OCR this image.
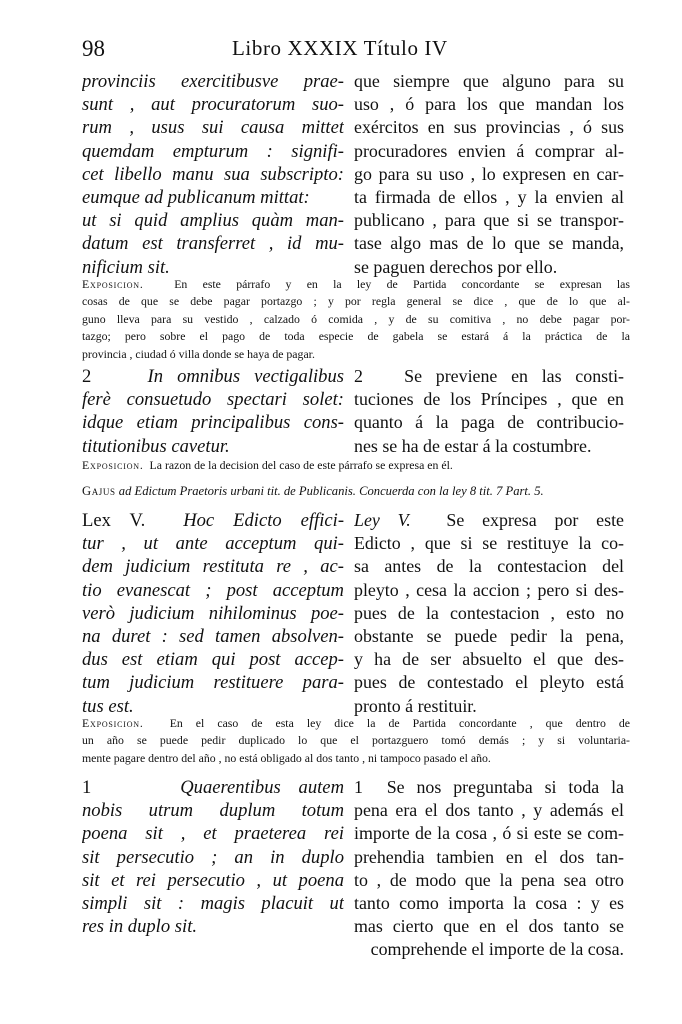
98	Libro XXXIX Título IV
provinciis exercitibusve prae-
sunt , aut procuratorum suo-
rum , usus sui causa mittet
quemdam empturum : signifi-
cet libello manu sua subscripto:
eumque ad publicanum mittat:
ut si quid amplius quàm man-
datum est transferret , id mu-
nificium sit.
que siempre que alguno para su
uso , ó para los que mandan los
exércitos en sus provincias , ó sus
procuradores envien á comprar al-
go para su uso , lo expresen en car-
ta firmada de ellos , y la envien al
publicano , para que si se transpor-
tase algo mas de lo que se manda,
se paguen derechos por ello.
Exposicion.	En este párrafo y en la ley de Partida concordante se expresan las
cosas de que se debe pagar portazgo ; y por regla general se dice , que de lo que al-
guno lleva para su vestido , calzado ó comida , y de su comitiva , no debe pagar por-
tazgo; pero sobre el pago de toda especie de gabela se estará á la práctica de la
provincia , ciudad ó villa donde se haya de pagar.
2	In omnibus vectigalibus
ferè consuetudo spectari solet:
idque etiam principalibus cons-
titutionibus cavetur.
2 Se previene en las consti-
tuciones de los Príncipes , que en
quanto á la paga de contribucio-
nes se ha de estar á la costumbre.
Exposicion. La razon de la decision del caso de este párrafo se expresa en él.
Gajus ad Edictum Praetoris urbani tit. de Publicanis. Concuerda con la ley 8 tit. 7 Part. 5.
Lex V. Hoc Edicto effici-
tur , ut ante acceptum qui-
dem judicium restituta re , ac-
tio evanescat ; post acceptum
verò judicium nihilominus poe-
na duret : sed tamen absolven-
dus est etiam qui post accep-
tum judicium restituere para-
tus est.
Ley V. Se expresa por este
Edicto , que si se restituye la co-
sa antes de la contestacion del
pleyto , cesa la accion ; pero si des-
pues de la contestacion , esto no
obstante se puede pedir la pena,
y ha de ser absuelto el que des-
pues de contestado el pleyto está
pronto á restituir.
Exposicion. En el caso de esta ley dice la de Partida concordante , que dentro de
un año se puede pedir duplicado lo que el portazguero tomó demás ; y si voluntaria-
mente pagare dentro del año , no está obligado al dos tanto , ni tampoco pasado el año.
1	Quaerentibus autem
nobis utrum duplum totum
poena sit , et praeterea rei
sit persecutio ; an in duplo
sit et rei persecutio , ut poena
simpli sit : magis placuit ut
res in duplo sit.
1 Se nos preguntaba si toda la
pena era el dos tanto , y además el
importe de la cosa , ó si este se com-
prehendia tambien en el dos tan-
to , de modo que la pena sea otro
tanto como importa la cosa : y es
mas cierto que en el dos tanto se
comprehende el importe de la cosa.
